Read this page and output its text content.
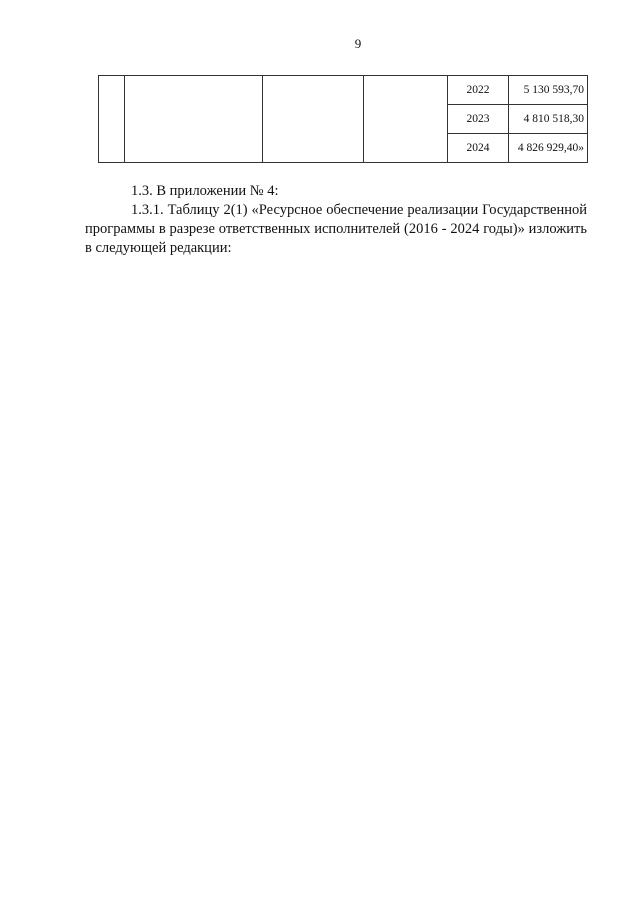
9
				2022	5 130 593,70
				2023	4 810 518,30
				2024	4 826 929,40»

1.3. В приложении № 4:

1.3.1. Таблицу 2(1) «Ресурсное обеспечение реализации Государственной программы в разрезе ответственных исполнителей (2016 - 2024 годы)» изложить в следующей редакции:
